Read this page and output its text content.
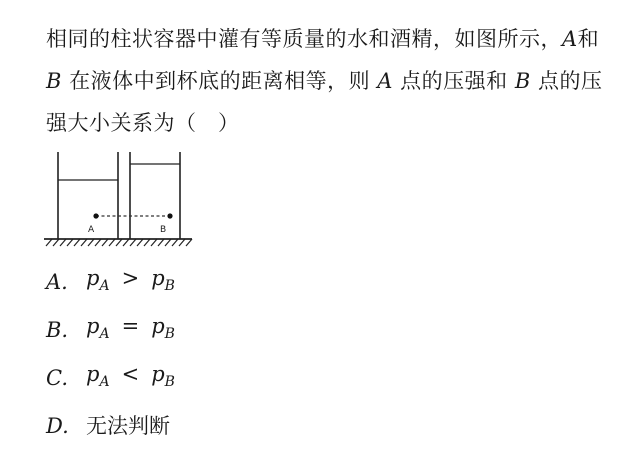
相同的柱状容器中灌有等质量的水和酒精，如图所示，A和 B 在液体中到杯底的距离相等，则 A 点的压强和 B 点的压强大小关系为（　）
A	B
A. $p_A > p_B$
B. $p_A = p_B$
C. $p_A < p_B$
D. 无法判断
